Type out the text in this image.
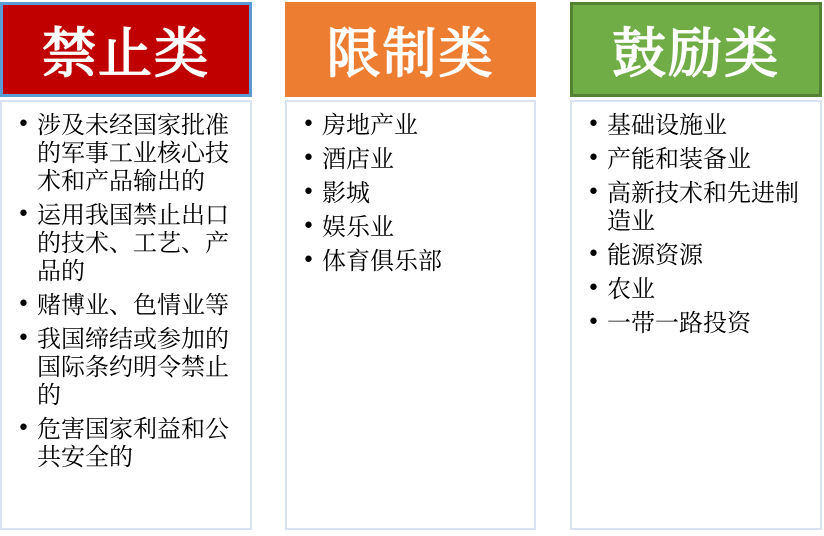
禁止类
• 涉及未经国家批准的军事工业核心技术和产品输出的
• 运用我国禁止出口的技术、工艺、产品的
• 赌博业、色情业等
• 我国缔结或参加的国际条约明令禁止的
• 危害国家利益和公共安全的
限制类
• 房地产业
• 酒店业
• 影城
• 娱乐业
• 体育俱乐部
鼓励类
• 基础设施业
• 产能和装备业
• 高新技术和先进制造业
• 能源资源
• 农业
• 一带一路投资
